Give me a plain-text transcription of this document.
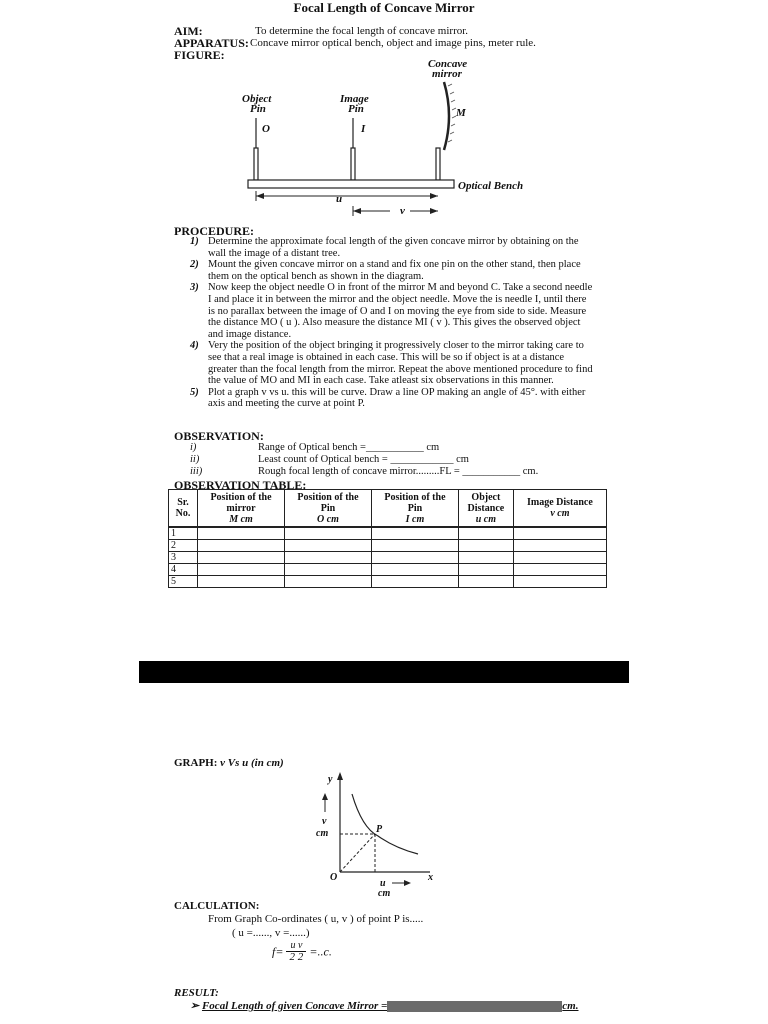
Focal Length of Concave Mirror
AIM:	To determine the focal length of concave mirror.
APPARATUS: Concave mirror optical bench, object and image pins, meter rule.
FIGURE:
Object
Pin
Image
Pin
Concave
mirror
O	I
M
Optical Bench
u
v
PROCEDURE:
1) Determine the approximate focal length of the given concave mirror by obtaining on the wall the image of a distant tree.
2) Mount the given concave mirror on a stand and fix one pin on the other stand, then place them on the optical bench as shown in the diagram.
3) Now keep the object needle O in front of the mirror M and beyond C. Take a second needle I and place it in between the mirror and the object needle. Move the is needle I, until there is no parallax between the image of O and I on moving the eye from side to side. Measure the distance MO ( u ). Also measure the distance MI ( v ). This gives the observed object and image distance.
4) Very the position of the object bringing it progressively closer to the mirror taking care to see that a real image is obtained in each case. This will be so if object is at a distance greater than the focal length from the mirror. Repeat the above mentioned procedure to find the value of MO and MI in each case. Take atleast six observations in this manner.
5) Plot a graph v vs u. this will be curve. Draw a line OP making an angle of 45°. with either axis and meeting the curve at point P.
OBSERVATION:
i)	Range of Optical bench =___________ cm
ii)	Least count of Optical bench = ____________ cm
iii)	Rough focal length of concave mirror.........FL = ___________ cm.
OBSERVATION TABLE:
Sr.
No.	Position of the
mirror
M cm	Position of the
Pin
O cm	Position of the
Pin
I cm	Object
Distance
u cm	Image Distance
v cm

1					
2					
3					
4					
5					
GRAPH: v Vs u (in cm)
y
x
v
cm
O
P
u
cm
CALCULATION:
From Graph Co-ordinates ( u, v ) of point P is.....
( u =......, v =......)
$f= \frac{\text{u v}}{2 2} =..c$.
RESULT:
➢ Focal Length of given Concave Mirror =	cm.
